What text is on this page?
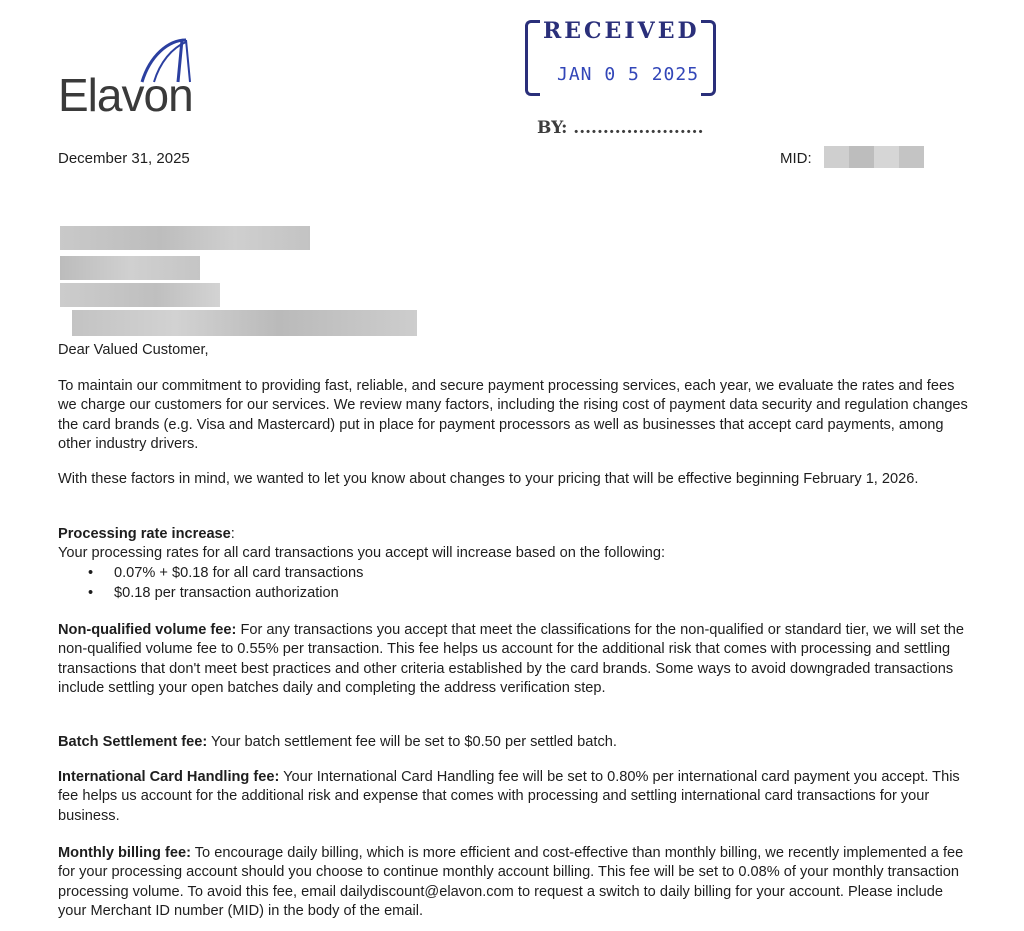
Elavon
RECEIVED
JAN 0 5 2025
BY: ......................
December 31, 2025	MID:
Dear Valued Customer,

To maintain our commitment to providing fast, reliable, and secure payment processing services, each year, we evaluate the rates and fees we charge our customers for our services. We review many factors, including the rising cost of payment data security and regulation changes the card brands (e.g. Visa and Mastercard) put in place for payment processors as well as businesses that accept card payments, among other industry drivers.

With these factors in mind, we wanted to let you know about changes to your pricing that will be effective beginning February 1, 2026.

Processing rate increase:
Your processing rates for all card transactions you accept will increase based on the following:
• 0.07% + $0.18 for all card transactions
• $0.18 per transaction authorization

Non-qualified volume fee: For any transactions you accept that meet the classifications for the non-qualified or standard tier, we will set the non-qualified volume fee to 0.55% per transaction. This fee helps us account for the additional risk that comes with processing and settling transactions that don't meet best practices and other criteria established by the card brands. Some ways to avoid downgraded transactions include settling your open batches daily and completing the address verification step.

Batch Settlement fee: Your batch settlement fee will be set to $0.50 per settled batch.

International Card Handling fee: Your International Card Handling fee will be set to 0.80% per international card payment you accept. This fee helps us account for the additional risk and expense that comes with processing and settling international card transactions for your business.

Monthly billing fee: To encourage daily billing, which is more efficient and cost-effective than monthly billing, we recently implemented a fee for your processing account should you choose to continue monthly account billing. This fee will be set to 0.08% of your monthly transaction processing volume. To avoid this fee, email dailydiscount@elavon.com to request a switch to daily billing for your account. Please include your Merchant ID number (MID) in the body of the email.
